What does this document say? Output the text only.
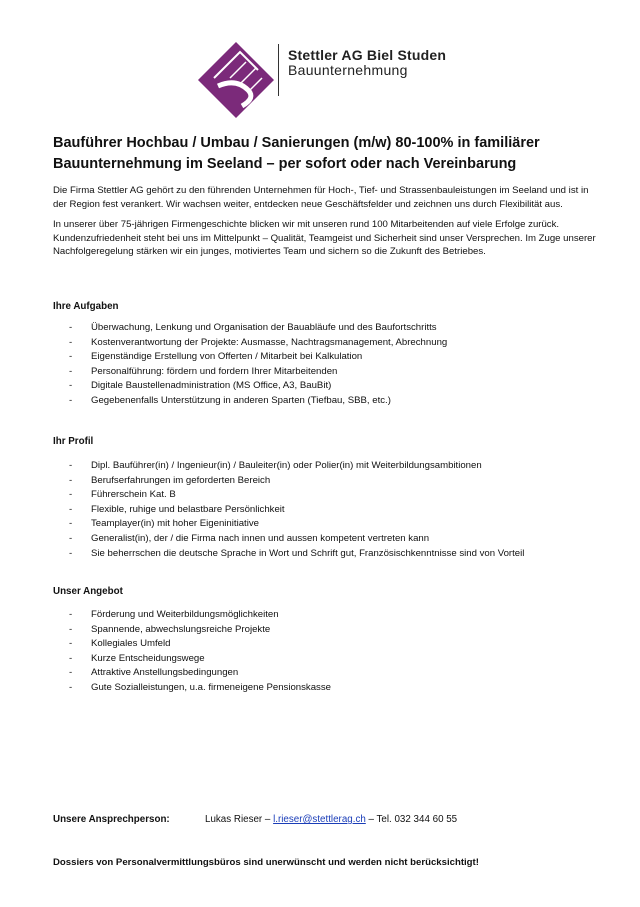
Stettler AG Biel Studen
Bauunternehmung
Bauführer Hochbau / Umbau / Sanierungen (m/w) 80-100% in familiärer Bauunternehmung im Seeland – per sofort oder nach Vereinbarung

Die Firma Stettler AG gehört zu den führenden Unternehmen für Hoch-, Tief- und Strassenbauleistungen im Seeland und ist in der Region fest verankert. Wir wachsen weiter, entdecken neue Geschäftsfelder und zeichnen uns durch Flexibilität aus.

In unserer über 75-jährigen Firmengeschichte blicken wir mit unseren rund 100 Mitarbeitenden auf viele Erfolge zurück. Kundenzufriedenheit steht bei uns im Mittelpunkt – Qualität, Teamgeist und Sicherheit sind unser Versprechen. Im Zuge unserer Nachfolgeregelung stärken wir ein junges, motiviertes Team und sichern so die Zukunft des Betriebes.

Ihre Aufgaben
- Überwachung, Lenkung und Organisation der Bauabläufe und des Baufortschritts
- Kostenverantwortung der Projekte: Ausmasse, Nachtragsmanagement, Abrechnung
- Eigenständige Erstellung von Offerten / Mitarbeit bei Kalkulation
- Personalführung: fördern und fordern Ihrer Mitarbeitenden
- Digitale Baustellenadministration (MS Office, A3, BauBit)
- Gegebenenfalls Unterstützung in anderen Sparten (Tiefbau, SBB, etc.)
Ihr Profil
- Dipl. Bauführer(in) / Ingenieur(in) / Bauleiter(in) oder Polier(in) mit Weiterbildungsambitionen
- Berufserfahrungen im geforderten Bereich
- Führerschein Kat. B
- Flexible, ruhige und belastbare Persönlichkeit
- Teamplayer(in) mit hoher Eigeninitiative
- Generalist(in), der / die Firma nach innen und aussen kompetent vertreten kann
- Sie beherrschen die deutsche Sprache in Wort und Schrift gut, Französischkenntnisse sind von Vorteil
Unser Angebot
- Förderung und Weiterbildungsmöglichkeiten
- Spannende, abwechslungsreiche Projekte
- Kollegiales Umfeld
- Kurze Entscheidungswege
- Attraktive Anstellungsbedingungen
- Gute Sozialleistungen, u.a. firmeneigene Pensionskasse
Unsere Ansprechperson:	Lukas Rieser – l.rieser@stettlerag.ch – Tel. 032 344 60 55
Dossiers von Personalvermittlungsbüros sind unerwünscht und werden nicht berücksichtigt!
